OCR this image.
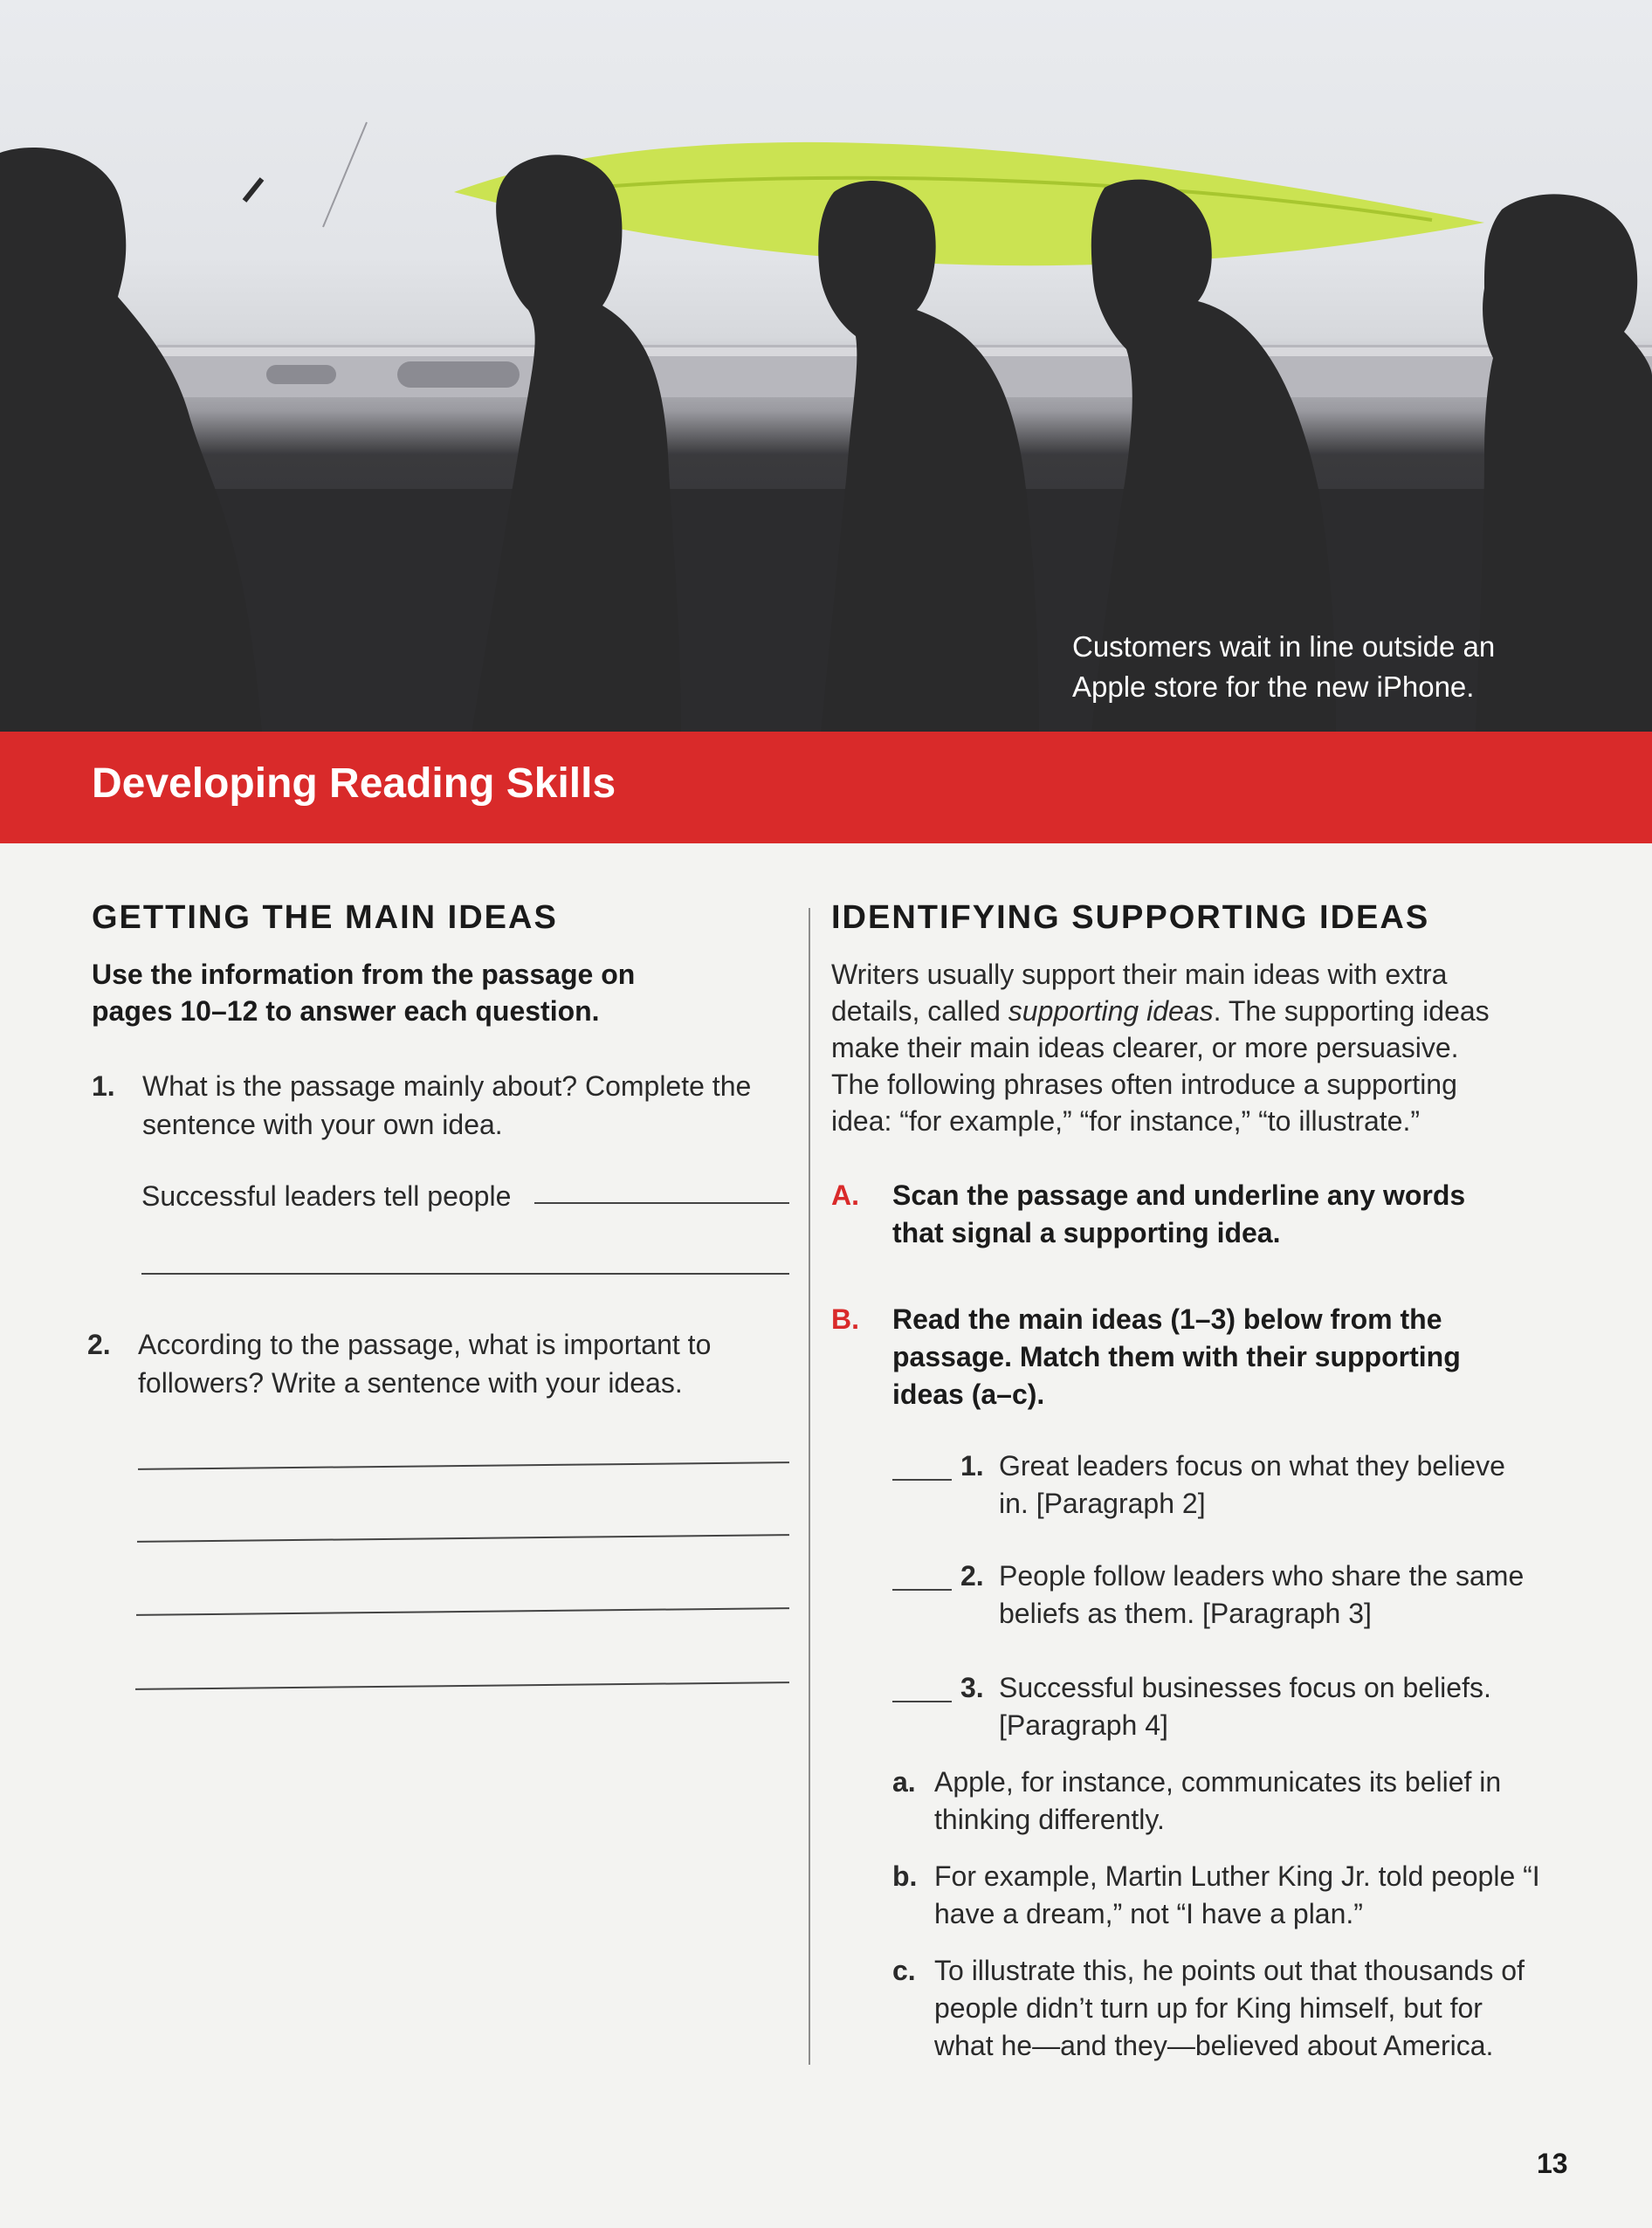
Customers wait in line outside an Apple store for the new iPhone.
Developing Reading Skills
GETTING THE MAIN IDEAS
Use the information from the passage on pages 10–12 to answer each question.
1. What is the passage mainly about? Complete the sentence with your own idea.
Successful leaders tell people
2. According to the passage, what is important to followers? Write a sentence with your ideas.
IDENTIFYING SUPPORTING IDEAS
Writers usually support their main ideas with extra details, called supporting ideas. The supporting ideas make their main ideas clearer, or more persuasive. The following phrases often introduce a supporting idea: “for example,” “for instance,” “to illustrate.”
A. Scan the passage and underline any words that signal a supporting idea.
B. Read the main ideas (1–3) below from the passage. Match them with their supporting ideas (a–c).
1. Great leaders focus on what they believe in. [Paragraph 2]
2. People follow leaders who share the same beliefs as them. [Paragraph 3]
3. Successful businesses focus on beliefs. [Paragraph 4]
a. Apple, for instance, communicates its belief in thinking differently.
b. For example, Martin Luther King Jr. told people “I have a dream,” not “I have a plan.”
c. To illustrate this, he points out that thousands of people didn’t turn up for King himself, but for what he—and they—believed about America.
13
